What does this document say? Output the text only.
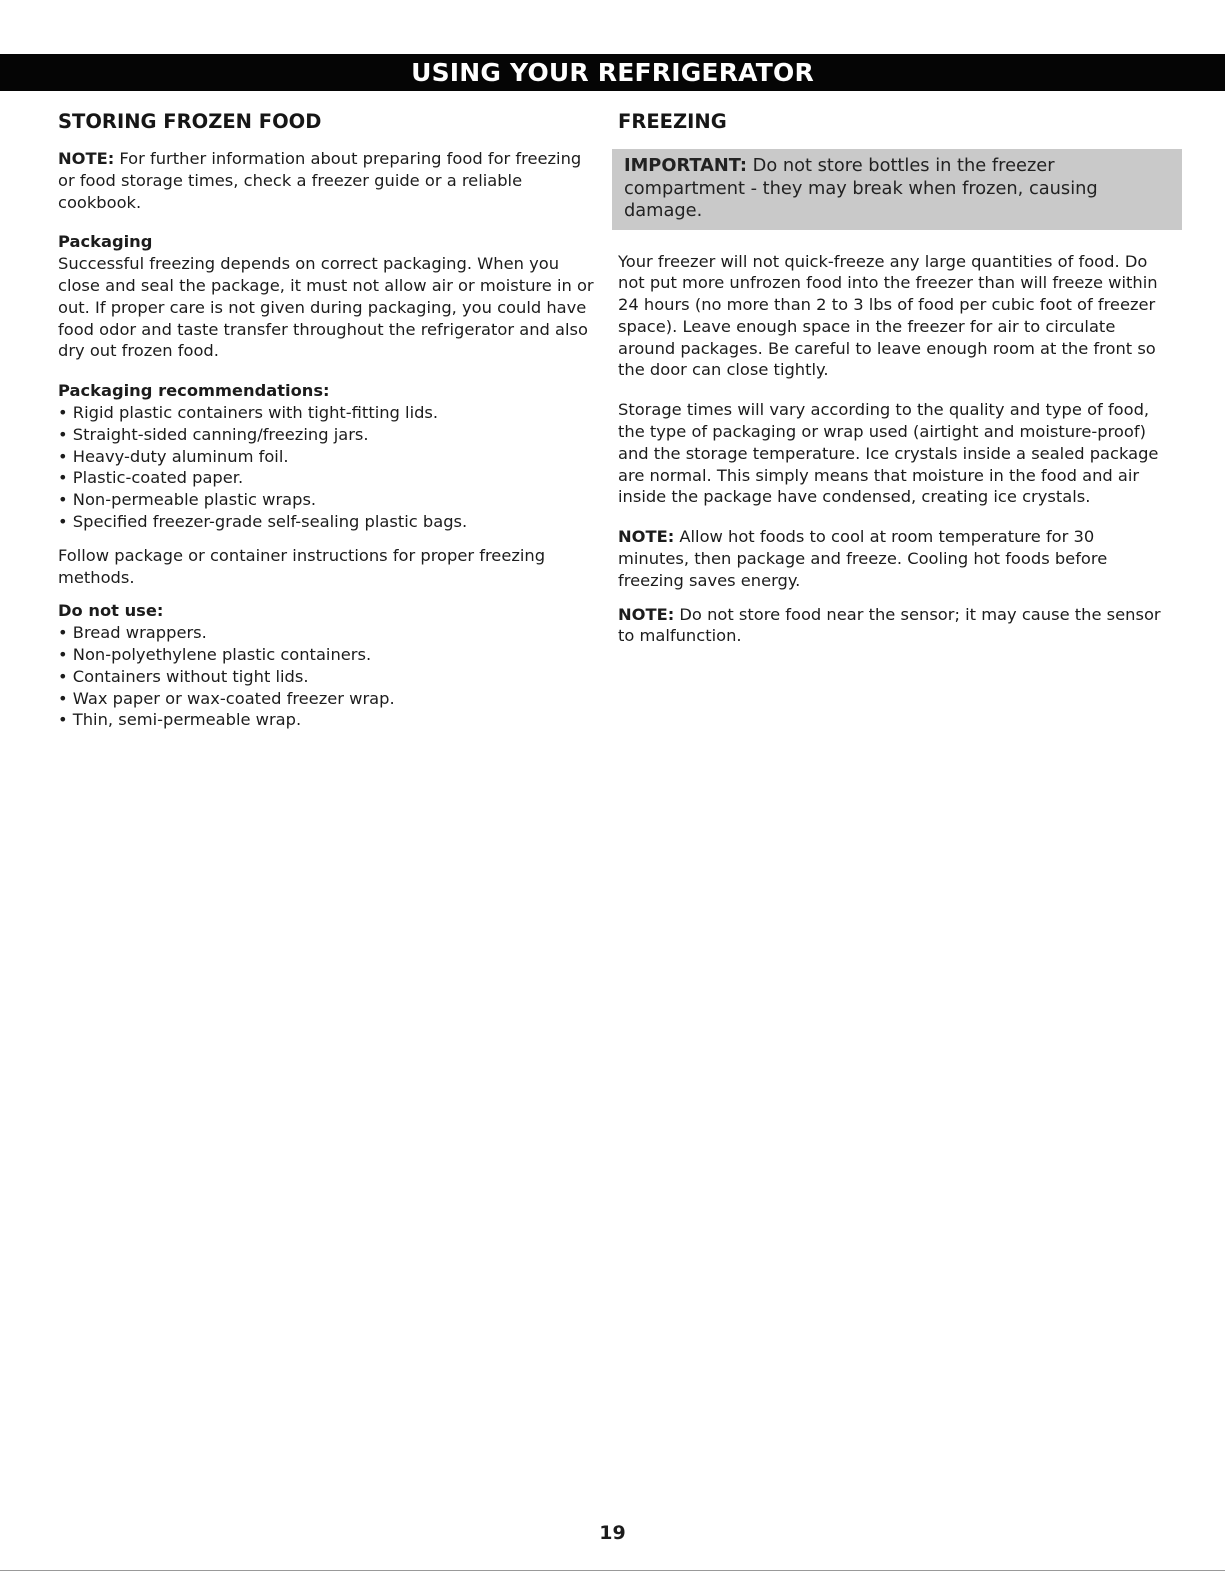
USING YOUR REFRIGERATOR
STORING FROZEN FOOD

NOTE: For further information about preparing food for freezing or food storage times, check a freezer guide or a reliable cookbook.

Packaging

Successful freezing depends on correct packaging. When you close and seal the package, it must not allow air or moisture in or out. If proper care is not given during packaging, you could have food odor and taste transfer throughout the refrigerator and also dry out frozen food.

Packaging recommendations:

• Rigid plastic containers with tight-fitting lids.
• Straight-sided canning/freezing jars.
• Heavy-duty aluminum foil.
• Plastic-coated paper.
• Non-permeable plastic wraps.
• Specified freezer-grade self-sealing plastic bags.

Follow package or container instructions for proper freezing methods.

Do not use:

• Bread wrappers.
• Non-polyethylene plastic containers.
• Containers without tight lids.
• Wax paper or wax-coated freezer wrap.
• Thin, semi-permeable wrap.
FREEZING
IMPORTANT: Do not store bottles in the freezer compartment - they may break when frozen, causing damage.

Your freezer will not quick-freeze any large quantities of food. Do not put more unfrozen food into the freezer than will freeze within 24 hours (no more than 2 to 3 lbs of food per cubic foot of freezer space). Leave enough space in the freezer for air to circulate around packages. Be careful to leave enough room at the front so the door can close tightly.

Storage times will vary according to the quality and type of food, the type of packaging or wrap used (airtight and moisture-proof) and the storage temperature. Ice crystals inside a sealed package are normal. This simply means that moisture in the food and air inside the package have condensed, creating ice crystals.

NOTE: Allow hot foods to cool at room temperature for 30 minutes, then package and freeze. Cooling hot foods before freezing saves energy.

NOTE: Do not store food near the sensor; it may cause the sensor to malfunction.

19
